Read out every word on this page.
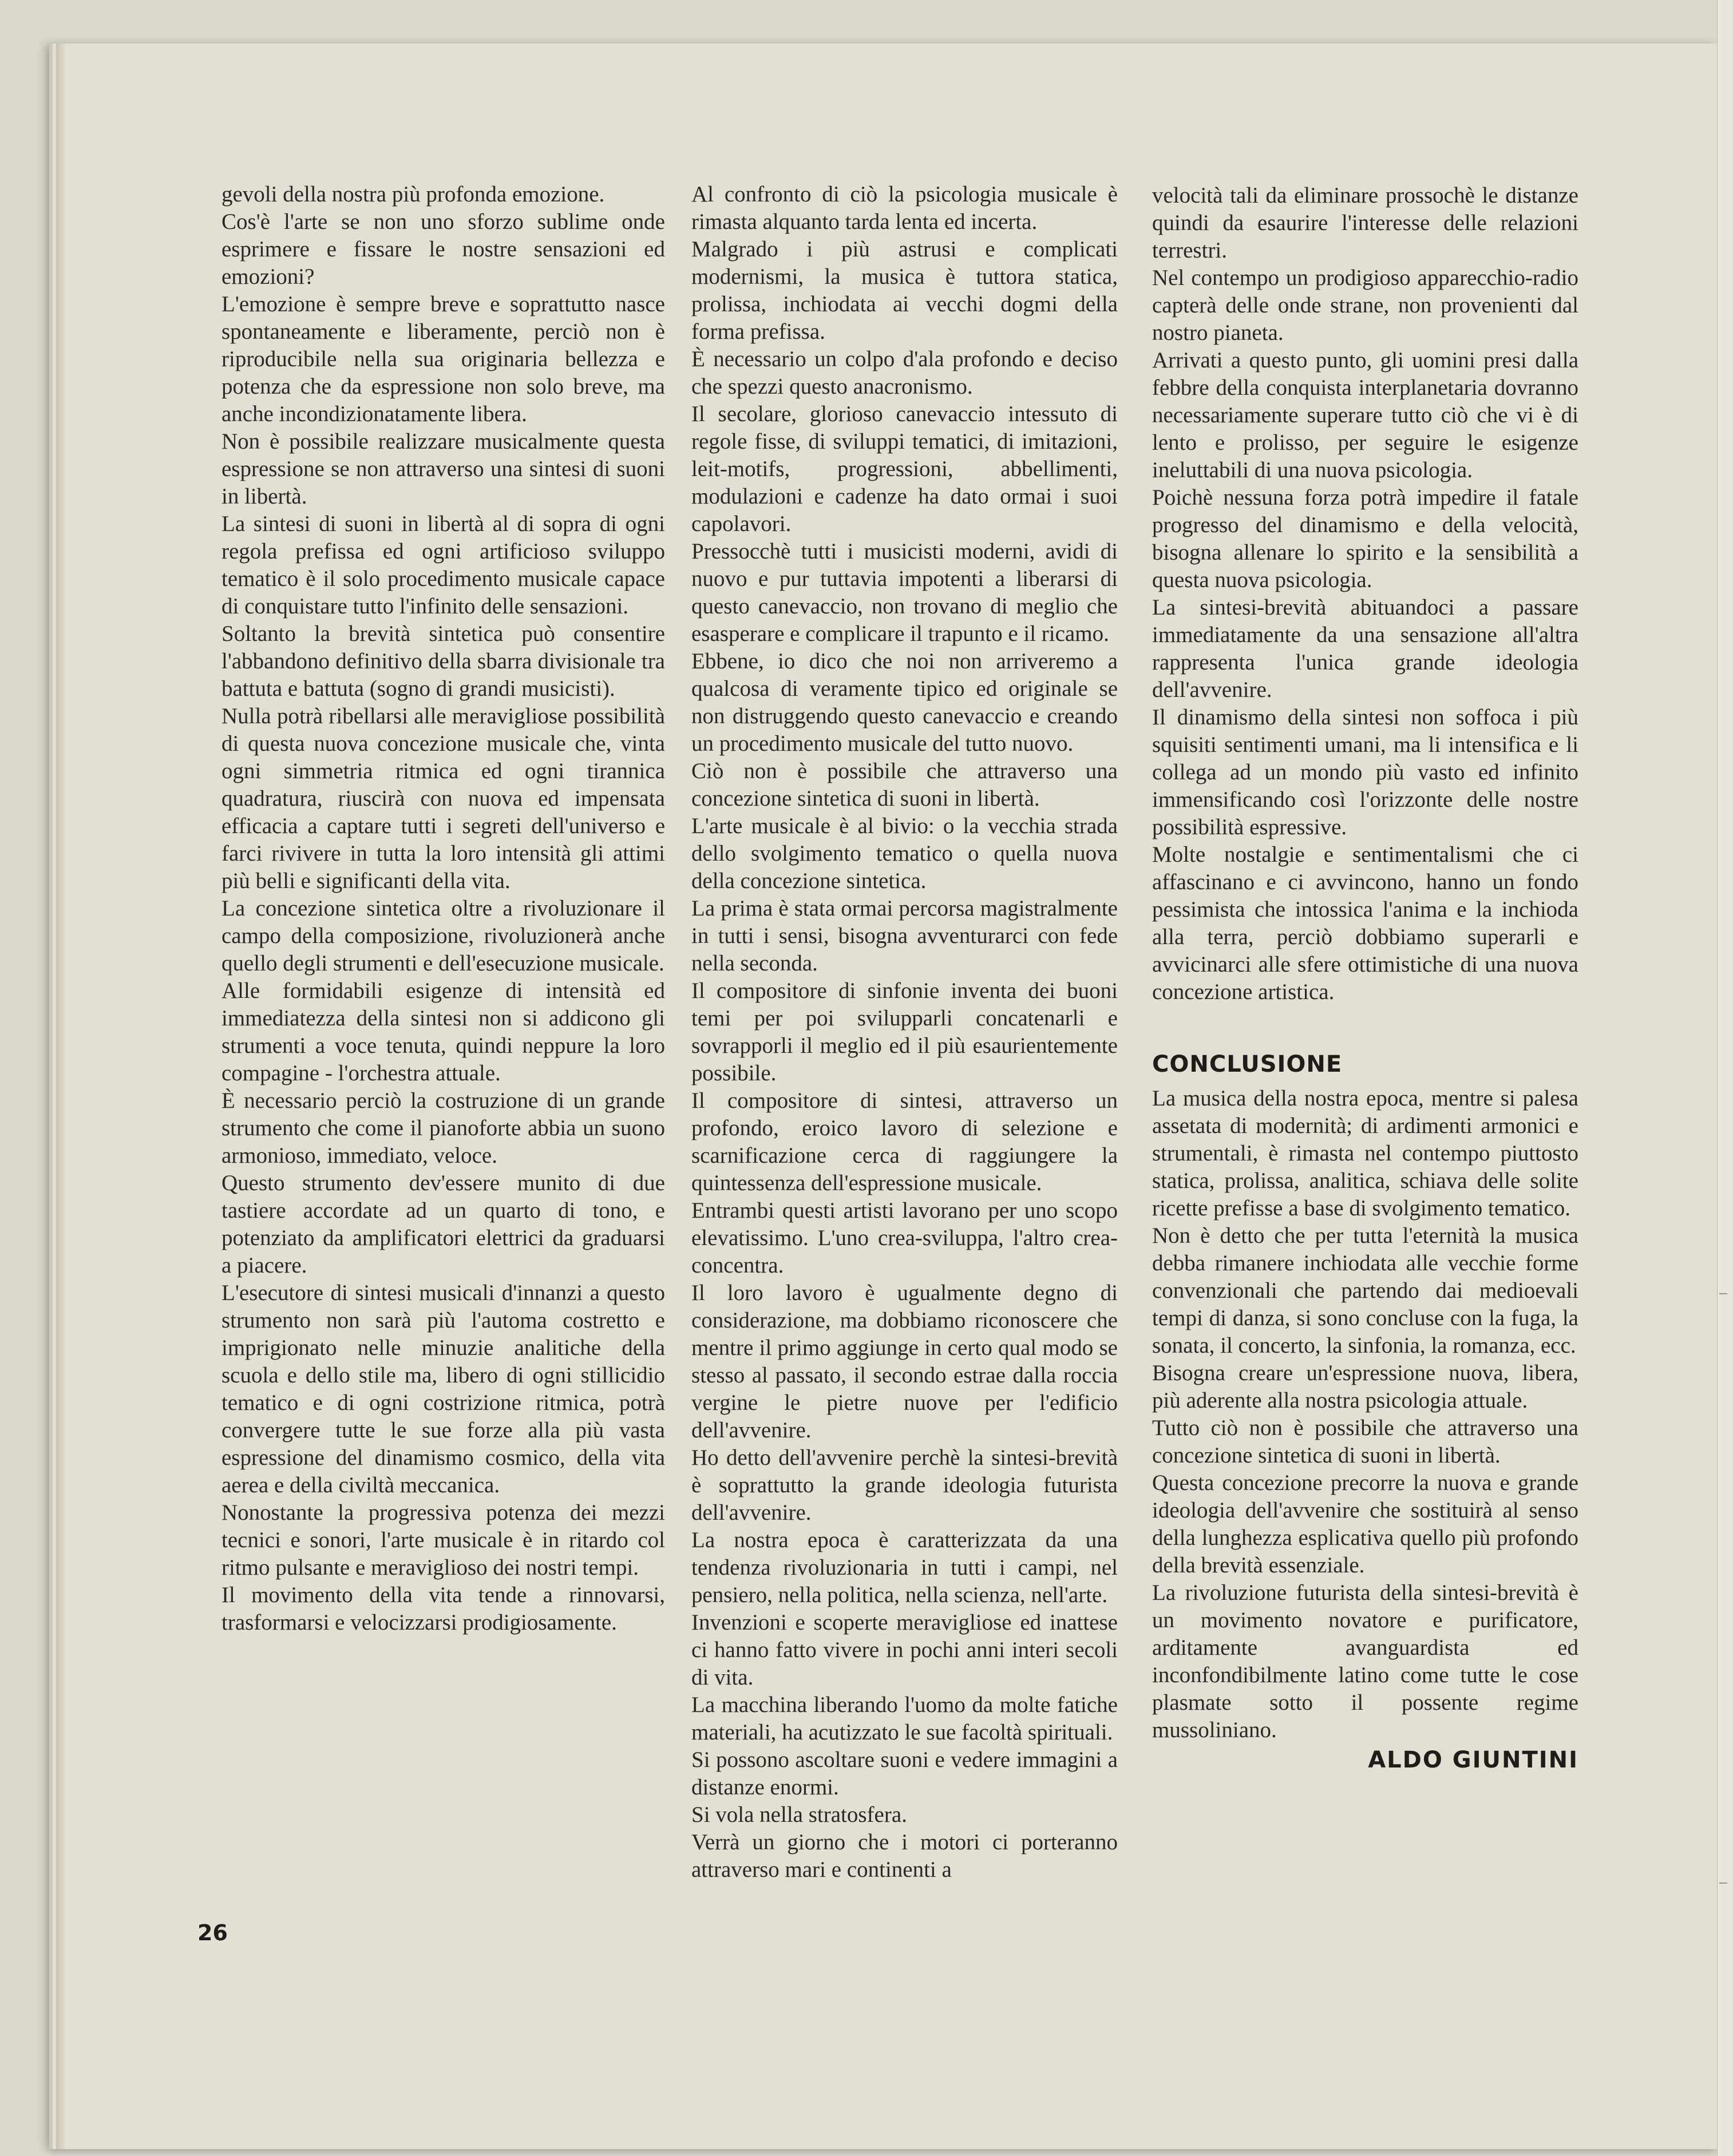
gevoli della nostra più profonda emozione.

Cos'è l'arte se non uno sforzo sublime onde esprimere e fissare le nostre sensazioni ed emozioni?

L'emozione è sempre breve e soprattutto nasce spontaneamente e liberamente, perciò non è riproducibile nella sua originaria bellezza e potenza che da espressione non solo breve, ma anche incondizionatamente libera.

Non è possibile realizzare musicalmente questa espressione se non attraverso una sintesi di suoni in libertà.

La sintesi di suoni in libertà al di sopra di ogni regola prefissa ed ogni artificioso sviluppo tematico è il solo procedimento musicale capace di conquistare tutto l'infinito delle sensazioni.

Soltanto la brevità sintetica può consentire l'abbandono definitivo della sbarra divisionale tra battuta e battuta (sogno di grandi musicisti).

Nulla potrà ribellarsi alle meravigliose possibilità di questa nuova concezione musicale che, vinta ogni simmetria ritmica ed ogni tirannica quadratura, riuscirà con nuova ed impensata efficacia a captare tutti i segreti dell'universo e farci rivivere in tutta la loro intensità gli attimi più belli e significanti della vita.

La concezione sintetica oltre a rivoluzionare il campo della composizione, rivoluzionerà anche quello degli strumenti e dell'esecuzione musicale.

Alle formidabili esigenze di intensità ed immediatezza della sintesi non si addicono gli strumenti a voce tenuta, quindi neppure la loro compagine - l'orchestra attuale.

È necessario perciò la costruzione di un grande strumento che come il pianoforte abbia un suono armonioso, immediato, veloce.

Questo strumento dev'essere munito di due tastiere accordate ad un quarto di tono, e potenziato da amplificatori elettrici da graduarsi a piacere.

L'esecutore di sintesi musicali d'innanzi a questo strumento non sarà più l'automa costretto e imprigionato nelle minuzie analitiche della scuola e dello stile ma, libero di ogni stillicidio tematico e di ogni costrizione ritmica, potrà convergere tutte le sue forze alla più vasta espressione del dinamismo cosmico, della vita aerea e della civiltà meccanica.

Nonostante la progressiva potenza dei mezzi tecnici e sonori, l'arte musicale è in ritardo col ritmo pulsante e meraviglioso dei nostri tempi.

Il movimento della vita tende a rinnovarsi, trasformarsi e velocizzarsi prodigiosamente.

Al confronto di ciò la psicologia musicale è rimasta alquanto tarda lenta ed incerta.

Malgrado i più astrusi e complicati modernismi, la musica è tuttora statica, prolissa, inchiodata ai vecchi dogmi della forma prefissa.

È necessario un colpo d'ala profondo e deciso che spezzi questo anacronismo.

Il secolare, glorioso canevaccio intessuto di regole fisse, di sviluppi tematici, di imitazioni, leit-motifs, progressioni, abbellimenti, modulazioni e cadenze ha dato ormai i suoi capolavori.

Pressocchè tutti i musicisti moderni, avidi di nuovo e pur tuttavia impotenti a liberarsi di questo canevaccio, non trovano di meglio che esasperare e complicare il trapunto e il ricamo.

Ebbene, io dico che noi non arriveremo a qualcosa di veramente tipico ed originale se non distruggendo questo canevaccio e creando un procedimento musicale del tutto nuovo.

Ciò non è possibile che attraverso una concezione sintetica di suoni in libertà.

L'arte musicale è al bivio: o la vecchia strada dello svolgimento tematico o quella nuova della concezione sintetica.

La prima è stata ormai percorsa magistralmente in tutti i sensi, bisogna avventurarci con fede nella seconda.

Il compositore di sinfonie inventa dei buoni temi per poi svilupparli concatenarli e sovrapporli il meglio ed il più esaurientemente possibile.

Il compositore di sintesi, attraverso un profondo, eroico lavoro di selezione e scarnificazione cerca di raggiungere la quintessenza dell'espressione musicale.

Entrambi questi artisti lavorano per uno scopo elevatissimo. L'uno crea-sviluppa, l'altro crea-concentra.

Il loro lavoro è ugualmente degno di considerazione, ma dobbiamo riconoscere che mentre il primo aggiunge in certo qual modo se stesso al passato, il secondo estrae dalla roccia vergine le pietre nuove per l'edificio dell'avvenire.

Ho detto dell'avvenire perchè la sintesi-brevità è soprattutto la grande ideologia futurista dell'avvenire.

La nostra epoca è caratterizzata da una tendenza rivoluzionaria in tutti i campi, nel pensiero, nella politica, nella scienza, nell'arte.

Invenzioni e scoperte meravigliose ed inattese ci hanno fatto vivere in pochi anni interi secoli di vita.

La macchina liberando l'uomo da molte fatiche materiali, ha acutizzato le sue facoltà spirituali.

Si possono ascoltare suoni e vedere immagini a distanze enormi.

Si vola nella stratosfera.

Verrà un giorno che i motori ci porteranno attraverso mari e continenti a

velocità tali da eliminare prossochè le distanze quindi da esaurire l'interesse delle relazioni terrestri.

Nel contempo un prodigioso apparecchio-radio capterà delle onde strane, non provenienti dal nostro pianeta.

Arrivati a questo punto, gli uomini presi dalla febbre della conquista interplanetaria dovranno necessariamente superare tutto ciò che vi è di lento e prolisso, per seguire le esigenze ineluttabili di una nuova psicologia.

Poichè nessuna forza potrà impedire il fatale progresso del dinamismo e della velocità, bisogna allenare lo spirito e la sensibilità a questa nuova psicologia.

La sintesi-brevità abituandoci a passare immediatamente da una sensazione all'altra rappresenta l'unica grande ideologia dell'avvenire.

Il dinamismo della sintesi non soffoca i più squisiti sentimenti umani, ma li intensifica e li collega ad un mondo più vasto ed infinito immensificando così l'orizzonte delle nostre possibilità espressive.

Molte nostalgie e sentimentalismi che ci affascinano e ci avvincono, hanno un fondo pessimista che intossica l'anima e la inchioda alla terra, perciò dobbiamo superarli e avvicinarci alle sfere ottimistiche di una nuova concezione artistica.

CONCLUSIONE

La musica della nostra epoca, mentre si palesa assetata di modernità; di ardimenti armonici e strumentali, è rimasta nel contempo piuttosto statica, prolissa, analitica, schiava delle solite ricette prefisse a base di svolgimento tematico.

Non è detto che per tutta l'eternità la musica debba rimanere inchiodata alle vecchie forme convenzionali che partendo dai medioevali tempi di danza, si sono concluse con la fuga, la sonata, il concerto, la sinfonia, la romanza, ecc.

Bisogna creare un'espressione nuova, libera, più aderente alla nostra psicologia attuale.

Tutto ciò non è possibile che attraverso una concezione sintetica di suoni in libertà.

Questa concezione precorre la nuova e grande ideologia dell'avvenire che sostituirà al senso della lunghezza esplicativa quello più profondo della brevità essenziale.

La rivoluzione futurista della sintesi-brevità è un movimento novatore e purificatore, arditamente avanguardista ed inconfondibilmente latino come tutte le cose plasmate sotto il possente regime mussoliniano.

ALDO GIUNTINI
26
